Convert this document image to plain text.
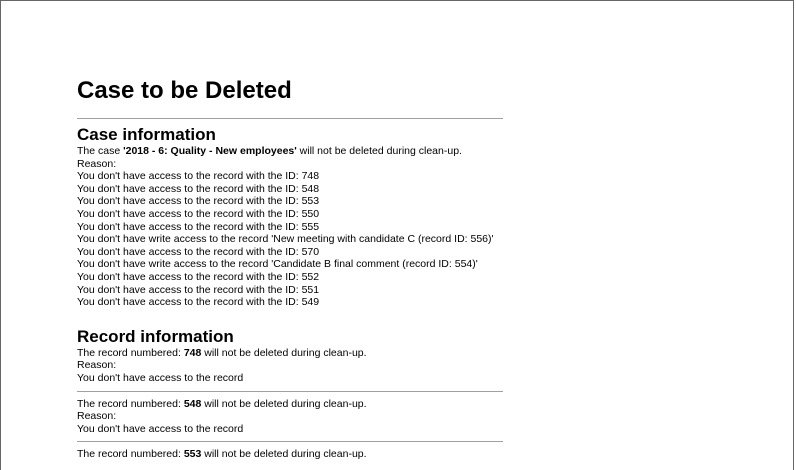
Case to be Deleted
Case information
The case '2018 - 6: Quality - New employees' will not be deleted during clean-up.
Reason:
You don't have access to the record with the ID: 748
You don't have access to the record with the ID: 548
You don't have access to the record with the ID: 553
You don't have access to the record with the ID: 550
You don't have access to the record with the ID: 555
You don't have write access to the record 'New meeting with candidate C (record ID: 556)'
You don't have access to the record with the ID: 570
You don't have write access to the record 'Candidate B final comment (record ID: 554)'
You don't have access to the record with the ID: 552
You don't have access to the record with the ID: 551
You don't have access to the record with the ID: 549
Record information
The record numbered: 748 will not be deleted during clean-up.
Reason:
You don't have access to the record
The record numbered: 548 will not be deleted during clean-up.
Reason:
You don't have access to the record
The record numbered: 553 will not be deleted during clean-up.
